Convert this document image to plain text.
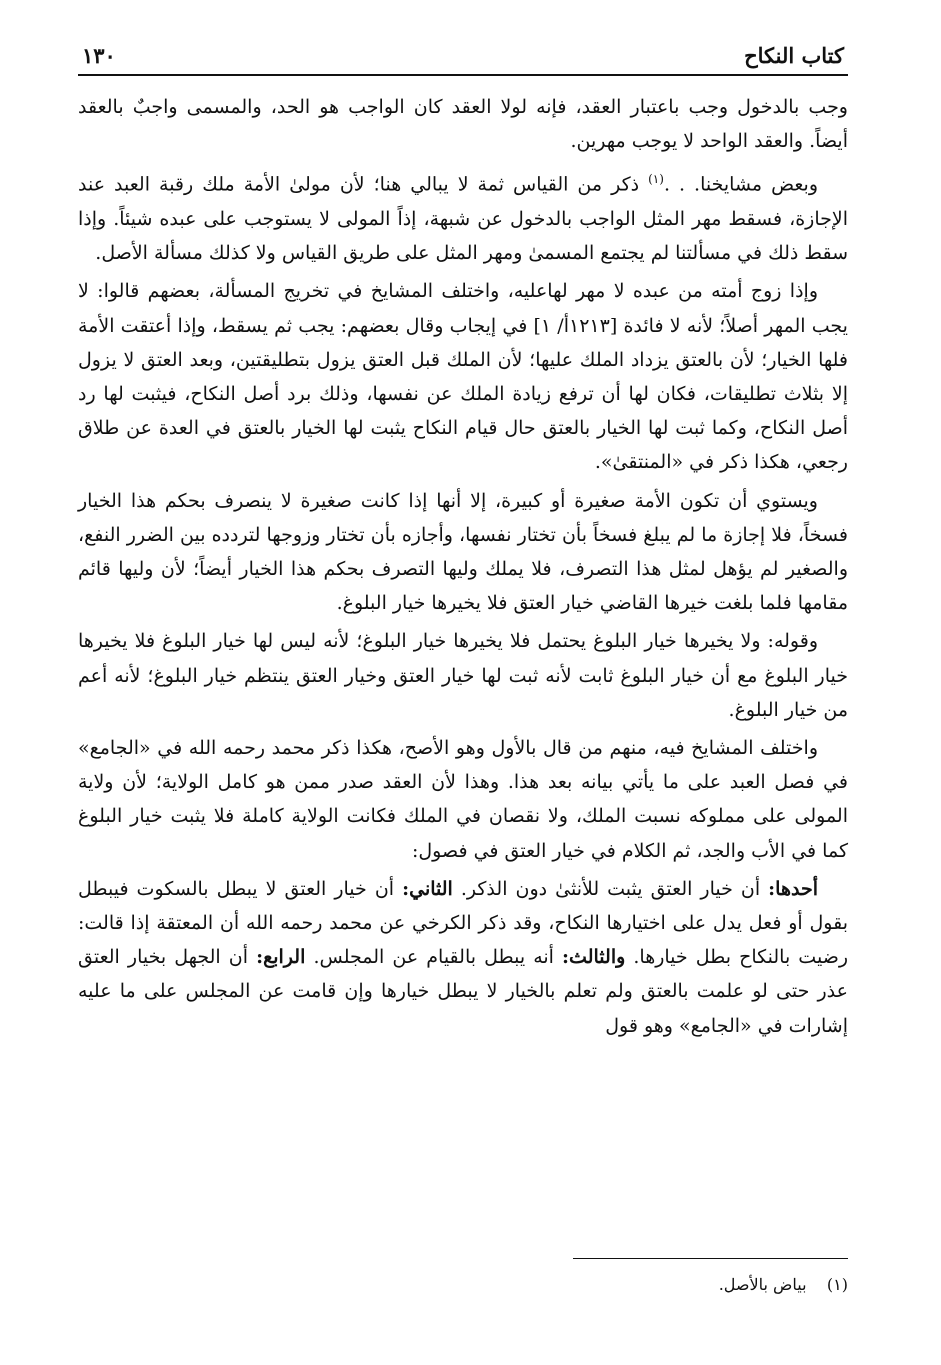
كتاب النكاح
١٣٠

وجب بالدخول وجب باعتبار العقد، فإنه لولا العقد كان الواجب هو الحد، والمسمى واجبٌ بالعقد أيضاً. والعقد الواحد لا يوجب مهرين.

وبعض مشايخنا. . .$^{(١)}$ ذكر من القياس ثمة لا يبالي هنا؛ لأن مولىٰ الأمة ملك رقبة العبد عند الإجازة، فسقط مهر المثل الواجب بالدخول عن شبهة، إذاً المولى لا يستوجب على عبده شيئاً. وإذا سقط ذلك في مسألتنا لم يجتمع المسمىٰ ومهر المثل على طريق القياس ولا كذلك مسألة الأصل.

وإذا زوج أمته من عبده لا مهر لهاعليه، واختلف المشايخ في تخريج المسألة، بعضهم قالوا: لا يجب المهر أصلاً؛ لأنه لا فائدة [١٢١٣أ/ ١] في إيجاب وقال بعضهم: يجب ثم يسقط، وإذا أعتقت الأمة فلها الخيار؛ لأن بالعتق يزداد الملك عليها؛ لأن الملك قبل العتق يزول بتطليقتين، وبعد العتق لا يزول إلا بثلاث تطليقات، فكان لها أن ترفع زيادة الملك عن نفسها، وذلك برد أصل النكاح، فيثبت لها رد أصل النكاح، وكما ثبت لها الخيار بالعتق حال قيام النكاح يثبت لها الخيار بالعتق في العدة عن طلاق رجعي، هكذا ذكر في «المنتقىٰ».

ويستوي أن تكون الأمة صغيرة أو كبيرة، إلا أنها إذا كانت صغيرة لا ينصرف بحكم هذا الخيار فسخاً، فلا إجازة ما لم يبلغ فسخاً بأن تختار نفسها، وأجازه بأن تختار وزوجها لتردده بين الضرر النفع، والصغير لم يؤهل لمثل هذا التصرف، فلا يملك وليها التصرف بحكم هذا الخيار أيضاً؛ لأن وليها قائم مقامها فلما بلغت خيرها القاضي خيار العتق فلا يخيرها خيار البلوغ.

وقوله: ولا يخيرها خيار البلوغ يحتمل فلا يخيرها خيار البلوغ؛ لأنه ليس لها خيار البلوغ فلا يخيرها خيار البلوغ مع أن خيار البلوغ ثابت لأنه ثبت لها خيار العتق وخيار العتق ينتظم خيار البلوغ؛ لأنه أعم من خيار البلوغ.

واختلف المشايخ فيه، منهم من قال بالأول وهو الأصح، هكذا ذكر محمد رحمه الله في «الجامع» في فصل العبد على ما يأتي بيانه بعد هذا. وهذا لأن العقد صدر ممن هو كامل الولاية؛ لأن ولاية المولى على مملوكه نسبت الملك، ولا نقصان في الملك فكانت الولاية كاملة فلا يثبت خيار البلوغ كما في الأب والجد، ثم الكلام في خيار العتق في فصول:

أحدها: أن خيار العتق يثبت للأنثىٰ دون الذكر. الثاني: أن خيار العتق لا يبطل بالسكوت فيبطل بقول أو فعل يدل على اختيارها النكاح، وقد ذكر الكرخي عن محمد رحمه الله أن المعتقة إذا قالت: رضيت بالنكاح بطل خيارها. والثالث: أنه يبطل بالقيام عن المجلس. الرابع: أن الجهل بخيار العتق عذر حتى لو علمت بالعتق ولم تعلم بالخيار لا يبطل خيارها وإن قامت عن المجلس على ما عليه إشارات في «الجامع» وهو قول

(١)    بياض بالأصل.
